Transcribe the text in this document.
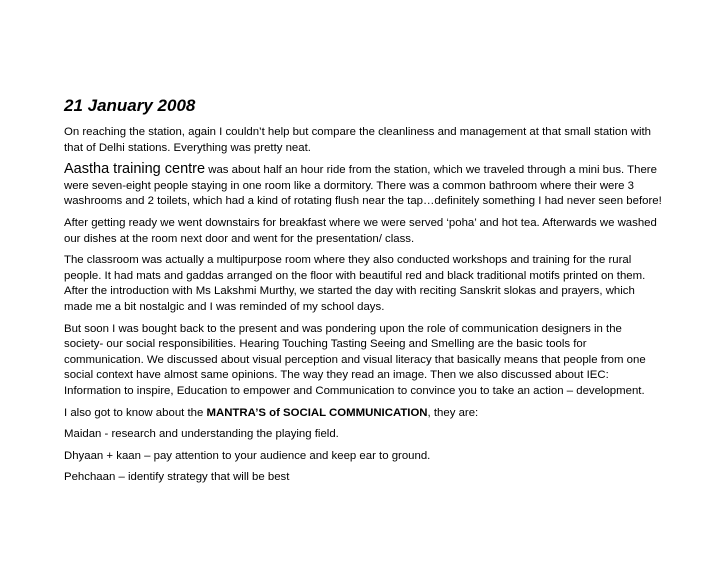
21 January 2008

On reaching the station, again I couldn’t help but compare the cleanliness and management at that small station with that of Delhi stations. Everything was pretty neat.

Aastha training centre was about half an hour ride from the station, which we traveled through a mini bus. There were seven-eight people staying in one room like a dormitory. There was a common bathroom where their were 3 washrooms and 2 toilets, which had a kind of rotating flush near the tap…definitely something I had never seen before!

After getting ready we went downstairs for breakfast where we were served ‘poha’ and hot tea. Afterwards we washed our dishes at the room next door and went for the presentation/ class.

The classroom was actually a multipurpose room where they also conducted workshops and training for the rural people. It had mats and gaddas arranged on the floor with beautiful red and black traditional motifs printed on them. After the introduction with Ms Lakshmi Murthy, we started the day with reciting Sanskrit slokas and prayers, which made me a bit nostalgic and I was reminded of my school days.

But soon I was bought back to the present and was pondering upon the role of communication designers in the society- our social responsibilities. Hearing Touching Tasting Seeing and Smelling are the basic tools for communication. We discussed about visual perception and visual literacy that basically means that people from one social context have almost same opinions. The way they read an image. Then we also discussed about IEC: Information to inspire, Education to empower and Communication to convince you to take an action – development.

I also got to know about the MANTRA’S of SOCIAL COMMUNICATION, they are:

Maidan - research and understanding the playing field.

Dhyaan + kaan – pay attention to your audience and keep ear to ground.

Pehchaan – identify strategy that will be best
